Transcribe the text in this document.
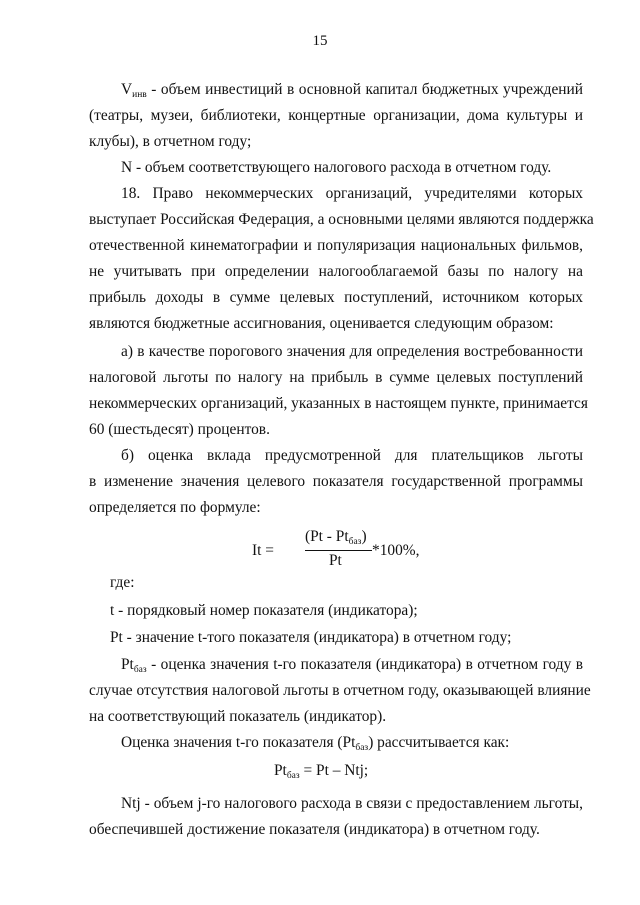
15
$V_{инв}$ - объем инвестиций в основной капитал бюджетных учреждений
(театры, музеи, библиотеки, концертные организации, дома культуры и
клубы), в отчетном году;
N - объем соответствующего налогового расхода в отчетном году.
18. Право некоммерческих организаций, учредителями которых
выступает Российская Федерация, а основными целями являются поддержка
отечественной кинематографии и популяризация национальных фильмов,
не учитывать при определении налогооблагаемой базы по налогу на
прибыль доходы в сумме целевых поступлений, источником которых
являются бюджетные ассигнования, оценивается следующим образом:
а) в качестве порогового значения для определения востребованности
налоговой льготы по налогу на прибыль в сумме целевых поступлений
некоммерческих организаций, указанных в настоящем пункте, принимается
60 (шестьдесят) процентов.
б) оценка вклада предусмотренной для плательщиков льготы
в изменение значения целевого показателя государственной программы
определяется по формуле:
It =
$(Pt - Pt_{баз})$
Pt
*100%,
где:
t - порядковый номер показателя (индикатора);
Pt - значение t-того показателя (индикатора) в отчетном году;
$Pt_{баз}$ - оценка значения t-го показателя (индикатора) в отчетном году в
случае отсутствия налоговой льготы в отчетном году, оказывающей влияние
на соответствующий показатель (индикатор).
Оценка значения t-го показателя $(Pt_{баз})$ рассчитывается как:
$Pt_{баз} = Pt$ – Ntj;
Ntj - объем j-го налогового расхода в связи с предоставлением льготы,
обеспечившей достижение показателя (индикатора) в отчетном году.
